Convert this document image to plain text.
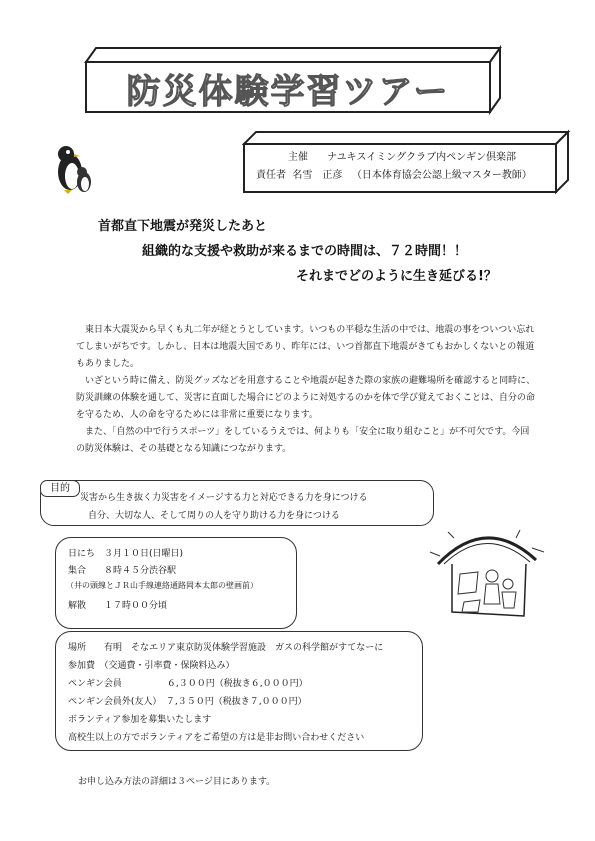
防災体験学習ツアー
主催 ナユキスイミングクラブ内ペンギン倶楽部
責任者 名雪　正彦 （日本体育協会公認上級マスター教師）
首都直下地震が発災したあと
組織的な支援や救助が来るまでの時間は、７２時間！！
それまでどのように生き延びる!？
東日本大震災から早くも丸二年が経とうとしています。いつもの平穏な生活の中では、地震の事をついつい忘れてしまいがちです。しかし、日本は地震大国であり、昨年には、いつ首都直下地震がきてもおかしくないとの報道もありました。
いざという時に備え、防災グッズなどを用意することや地震が起きた際の家族の避難場所を確認すると同時に、防災訓練の体験を通して、災害に直面した場合にどのように対処するのかを体で学び覚えておくことは、自分の命を守るため、人の命を守るためには非常に重要になります。
また、「自然の中で行うスポーツ」をしているうえでは、何よりも「安全に取り組むこと」が不可欠です。今回の防災体験は、その基礎となる知識につながります。
目的
災害から生き抜く力災害をイメージする力と対応できる力を身につける
自分、大切な人、そして周りの人を守り助ける力を身につける
日にち　３月１０日(日曜日)
集合　　８時４５分渋谷駅
（井の頭線とＪＲ山手線連絡通路岡本太郎の壁画前）
解散　　１７時００分頃
場所　　有明　そなエリア東京防災体験学習施設　ガスの科学館がすてなーに
参加費　（交通費・引率費・保険料込み）
ペンギン会員　　　　　６,３００円（税抜き６,０００円）
ペンギン会員外(友人）　７,３５０円（税抜き７,０００円）
ボランティア参加を募集いたします
高校生以上の方でボランティアをご希望の方は是非お問い合わせください
お申し込み方法の詳細は３ページ目にあります。
